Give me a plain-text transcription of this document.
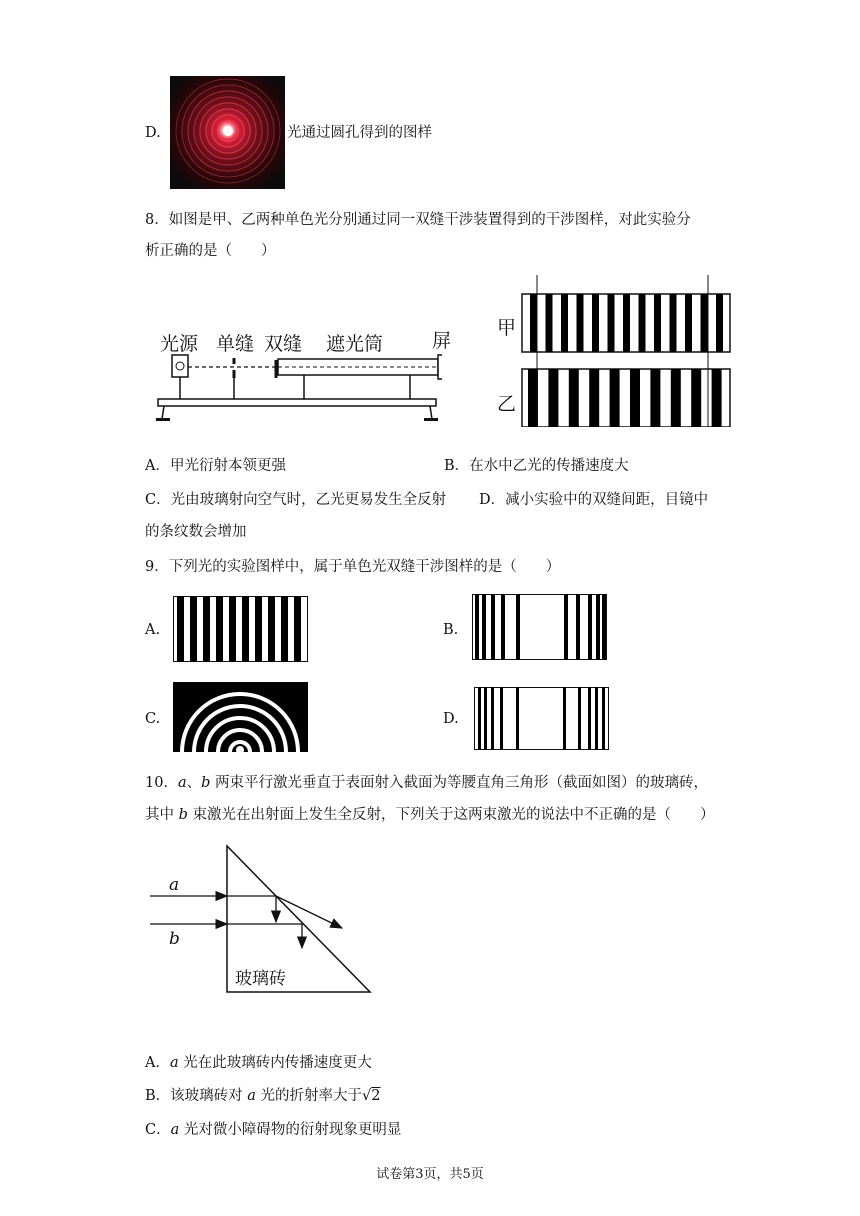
D.	光通过圆孔得到的图样
8．如图是甲、乙两种单色光分别通过同一双缝干涉装置得到的干涉图样，对此实验分
析正确的是（　　）
光源 单缝 双缝 遮光筒	屏
甲
乙
A．甲光衍射本领更强	B．在水中乙光的传播速度大
C．光由玻璃射向空气时，乙光更易发生全反射 D．减小实验中的双缝间距，目镜中
的条纹数会增加
9．下列光的实验图样中，属于单色光双缝干涉图样的是（　　）
A.	B.
C.	D.
10．a、b 两束平行激光垂直于表面射入截面为等腰直角三角形（截面如图）的玻璃砖，
其中 b 束激光在出射面上发生全反射，下列关于这两束激光的说法中不正确的是（　　）
a
b
玻璃砖
A．a 光在此玻璃砖内传播速度更大
B．该玻璃砖对 a 光的折射率大于√2
C．a 光对微小障碍物的衍射现象更明显
试卷第3页，共5页
